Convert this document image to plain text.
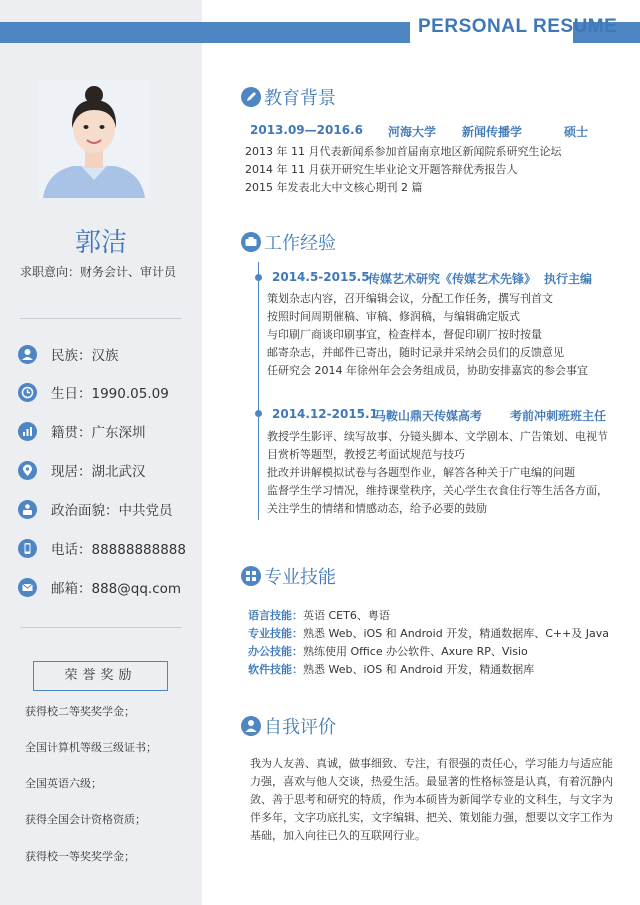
PERSONAL RESUME
郭洁
求职意向：财务会计、审计员
民族：汉族
生日：1990.05.09
籍贯：广东深圳
现居：湖北武汉
政治面貌：中共党员
电话：88888888888
邮箱：888@qq.com
荣誉奖励
获得校二等奖奖学金；
全国计算机等级三级证书；
全国英语六级；
获得全国会计资格资质；
获得校一等奖奖学金；
教育背景
2013.09—2016.6 河海大学 新闻传播学	硕士
2013 年 11 月代表新闻系参加首届南京地区新闻院系研究生论坛
2014 年 11 月获开研究生毕业论文开题答辩优秀报告人
2015 年发表北大中文核心期刊 2 篇
工作经验
2014.5-2015.5
传媒艺术研究《传媒艺术先锋》 执行主编
策划杂志内容，召开编辑会议，分配工作任务，撰写刊首文
按照时间周期催稿、审稿、修润稿，与编辑确定版式
与印刷厂商谈印刷事宜，检查样本，督促印刷厂按时按量
邮寄杂志，并邮件已寄出，随时记录并采纳会员们的反馈意见
任研究会 2014 年徐州年会会务组成员，协助安排嘉宾的参会事宜
2014.12-2015.1
马鞍山鼎天传媒高考 考前冲刺班班主任
教授学生影评、续写故事、分镜头脚本、文学剧本、广告策划、电视节
目赏析等题型，教授艺考面试规范与技巧
批改并讲解模拟试卷与各题型作业，解答各种关于广电编的问题
监督学生学习情况，维持课堂秩序，关心学生衣食住行等生活各方面，
关注学生的情绪和情感动态，给予必要的鼓励
专业技能
语言技能：英语 CET6、粤语
专业技能：熟悉 Web、iOS 和 Android 开发，精通数据库、C++及 Java
办公技能：熟练使用 Office 办公软件、Axure RP、Visio
软件技能：熟悉 Web、iOS 和 Android 开发，精通数据库
自我评价
我为人友善、真诚，做事细致、专注，有很强的责任心，学习能力与适应能
力强，喜欢与他人交谈，热爱生活。最显著的性格标签是认真，有着沉静内
敛、善于思考和研究的特质，作为本硕皆为新闻学专业的文科生，与文字为
伴多年，文字功底扎实，文字编辑、把关、策划能力强，想要以文字工作为
基础，加入向往已久的互联网行业。
